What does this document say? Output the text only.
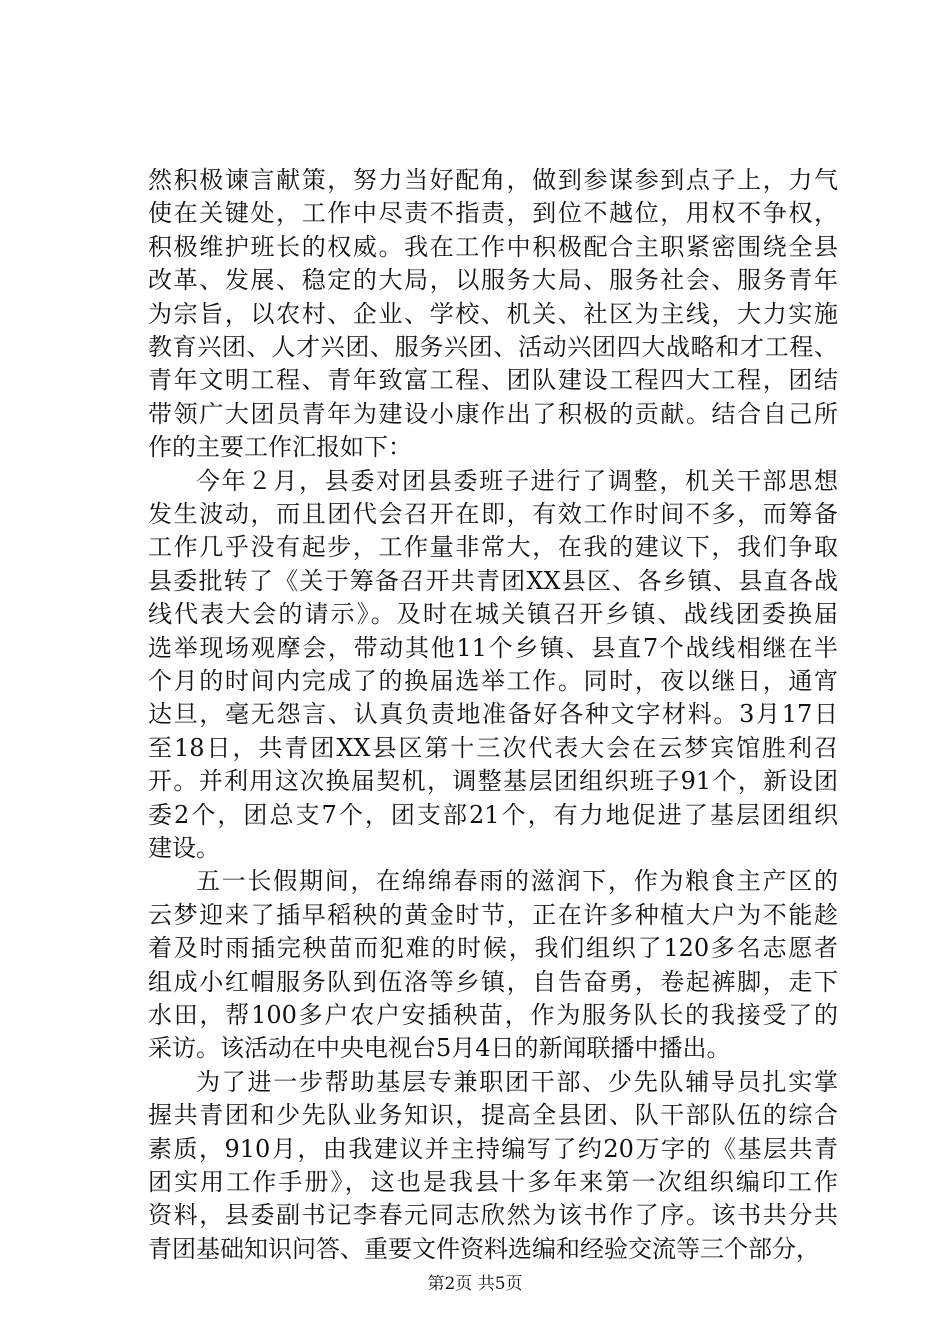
然积极谏言献策，努力当好配角，做到参谋参到点子上，力气
使在关键处，工作中尽责不指责，到位不越位，用权不争权，
积极维护班长的权威。我在工作中积极配合主职紧密围绕全县
改革、发展、稳定的大局，以服务大局、服务社会、服务青年
为宗旨，以农村、企业、学校、机关、社区为主线，大力实施
教育兴团、人才兴团、服务兴团、活动兴团四大战略和才工程、
青年文明工程、青年致富工程、团队建设工程四大工程，团结
带领广大团员青年为建设小康作出了积极的贡献。结合自己所
作的主要工作汇报如下：
今年２月，县委对团县委班子进行了调整，机关干部思想
发生波动，而且团代会召开在即，有效工作时间不多，而筹备
工作几乎没有起步，工作量非常大，在我的建议下，我们争取
县委批转了《关于筹备召开共青团XX县区、各乡镇、县直各战
线代表大会的请示》。及时在城关镇召开乡镇、战线团委换届
选举现场观摩会，带动其他11个乡镇、县直7个战线相继在半
个月的时间内完成了的换届选举工作。同时，夜以继日，通宵
达旦，毫无怨言、认真负责地准备好各种文字材料。3月17日
至18日，共青团XX县区第十三次代表大会在云梦宾馆胜利召
开。并利用这次换届契机，调整基层团组织班子91个，新设团
委2个，团总支7个，团支部21个，有力地促进了基层团组织
建设。
五一长假期间，在绵绵春雨的滋润下，作为粮食主产区的
云梦迎来了插早稻秧的黄金时节，正在许多种植大户为不能趁
着及时雨插完秧苗而犯难的时候，我们组织了120多名志愿者
组成小红帽服务队到伍洛等乡镇，自告奋勇，卷起裤脚，走下
水田，帮100多户农户安插秧苗，作为服务队长的我接受了的
采访。该活动在中央电视台5月4日的新闻联播中播出。
为了进一步帮助基层专兼职团干部、少先队辅导员扎实掌
握共青团和少先队业务知识，提高全县团、队干部队伍的综合
素质，910月，由我建议并主持编写了约20万字的《基层共青
团实用工作手册》，这也是我县十多年来第一次组织编印工作
资料，县委副书记李春元同志欣然为该书作了序。该书共分共
青团基础知识问答、重要文件资料选编和经验交流等三个部分，
第2页 共5页
